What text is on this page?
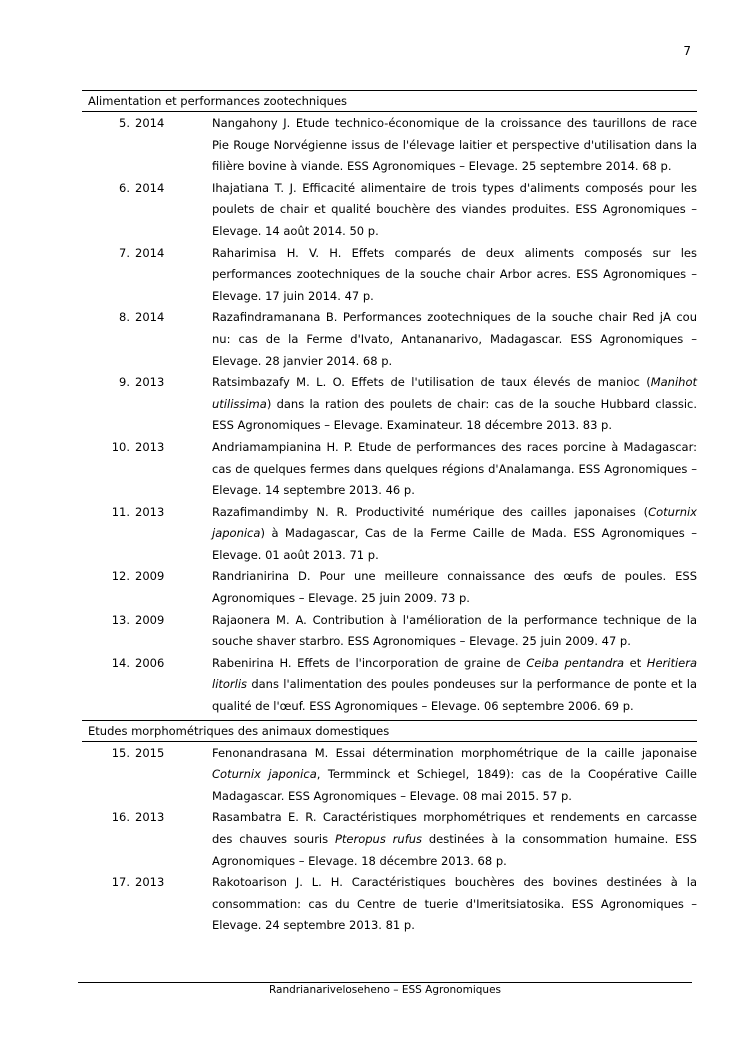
7
Alimentation et performances zootechniques
5. 2014	Nangahony J. Etude technico-économique de la croissance des taurillons de race Pie Rouge Norvégienne issus de l'élevage laitier et perspective d'utilisation dans la filière bovine à viande. ESS Agronomiques – Elevage. 25 septembre 2014. 68 p.
6. 2014	Ihajatiana T. J. Efficacité alimentaire de trois types d'aliments composés pour les poulets de chair et qualité bouchère des viandes produites. ESS Agronomiques – Elevage. 14 août 2014. 50 p.
7. 2014	Raharimisa H. V. H. Effets comparés de deux aliments composés sur les performances zootechniques de la souche chair Arbor acres. ESS Agronomiques – Elevage. 17 juin 2014. 47 p.
8. 2014	Razafindramanana B. Performances zootechniques de la souche chair Red jA cou nu: cas de la Ferme d'Ivato, Antananarivo, Madagascar. ESS Agronomiques – Elevage. 28 janvier 2014. 68 p.
9. 2013	Ratsimbazafy M. L. O. Effets de l'utilisation de taux élevés de manioc (Manihot utilissima) dans la ration des poulets de chair: cas de la souche Hubbard classic. ESS Agronomiques – Elevage. Examinateur. 18 décembre 2013. 83 p.
10. 2013	Andriamampianina H. P. Etude de performances des races porcine à Madagascar: cas de quelques fermes dans quelques régions d'Analamanga. ESS Agronomiques – Elevage. 14 septembre 2013. 46 p.
11. 2013	Razafimandimby N. R. Productivité numérique des cailles japonaises (Coturnix japonica) à Madagascar, Cas de la Ferme Caille de Mada. ESS Agronomiques – Elevage. 01 août 2013. 71 p.
12. 2009	Randrianirina D. Pour une meilleure connaissance des œufs de poules. ESS Agronomiques – Elevage. 25 juin 2009. 73 p.
13. 2009	Rajaonera M. A. Contribution à l'amélioration de la performance technique de la souche shaver starbro. ESS Agronomiques – Elevage. 25 juin 2009. 47 p.
14. 2006	Rabenirina H. Effets de l'incorporation de graine de Ceiba pentandra et Heritiera litorlis dans l'alimentation des poules pondeuses sur la performance de ponte et la qualité de l'œuf. ESS Agronomiques – Elevage. 06 septembre 2006. 69 p.
Etudes morphométriques des animaux domestiques
15. 2015	Fenonandrasana M. Essai détermination morphométrique de la caille japonaise Coturnix japonica, Termminck et Schiegel, 1849): cas de la Coopérative Caille Madagascar. ESS Agronomiques – Elevage. 08 mai 2015. 57 p.
16. 2013	Rasambatra E. R. Caractéristiques morphométriques et rendements en carcasse des chauves souris Pteropus rufus destinées à la consommation humaine. ESS Agronomiques – Elevage. 18 décembre 2013. 68 p.
17. 2013	Rakotoarison J. L. H. Caractéristiques bouchères des bovines destinées à la consommation: cas du Centre de tuerie d'Imeritsiatosika. ESS Agronomiques – Elevage. 24 septembre 2013. 81 p.
Randrianariveloseheno – ESS Agronomiques
